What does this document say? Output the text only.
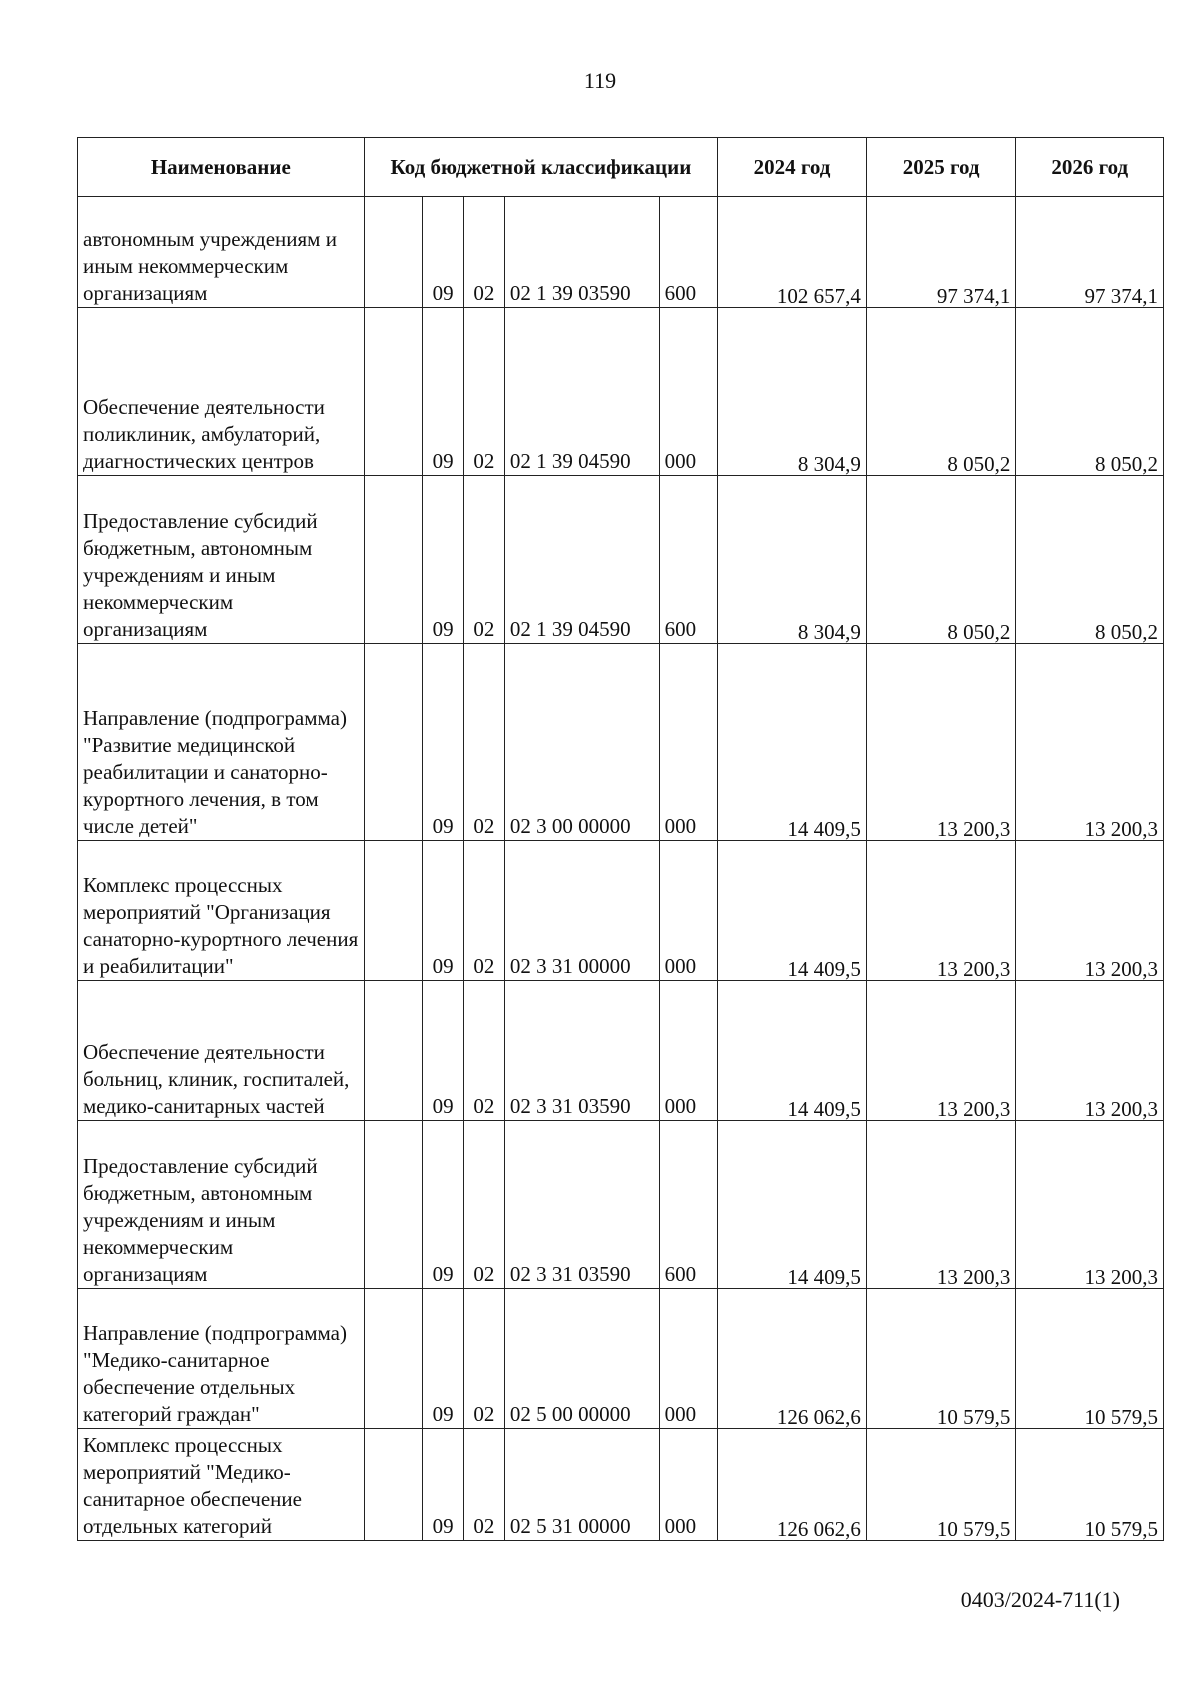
119
Наименование	Код бюджетной классификации					2024 год	2025 год	2026 год
автономным учреждениям и иным некоммерческим организациям		09	02	02 1 39 03590	600	102 657,4	97 374,1	97 374,1
Обеспечение деятельности поликлиник, амбулаторий, диагностических центров		09	02	02 1 39 04590	000	8 304,9	8 050,2	8 050,2
Предоставление субсидий бюджетным, автономным учреждениям и иным некоммерческим организациям		09	02	02 1 39 04590	600	8 304,9	8 050,2	8 050,2
Направление (подпрограмма) "Развитие медицинской реабилитации и санаторно-курортного лечения, в том числе детей"		09	02	02 3 00 00000	000	14 409,5	13 200,3	13 200,3
Комплекс процессных мероприятий "Организация санаторно-курортного лечения и реабилитации"		09	02	02 3 31 00000	000	14 409,5	13 200,3	13 200,3
Обеспечение деятельности больниц, клиник, госпиталей, медико-санитарных частей		09	02	02 3 31 03590	000	14 409,5	13 200,3	13 200,3
Предоставление субсидий бюджетным, автономным учреждениям и иным некоммерческим организациям		09	02	02 3 31 03590	600	14 409,5	13 200,3	13 200,3
Направление (подпрограмма) "Медико-санитарное обеспечение отдельных категорий граждан"		09	02	02 5 00 00000	000	126 062,6	10 579,5	10 579,5
Комплекс процессных мероприятий "Медико-санитарное обеспечение отдельных категорий		09	02	02 5 31 00000	000	126 062,6	10 579,5	10 579,5
0403/2024-711(1)
